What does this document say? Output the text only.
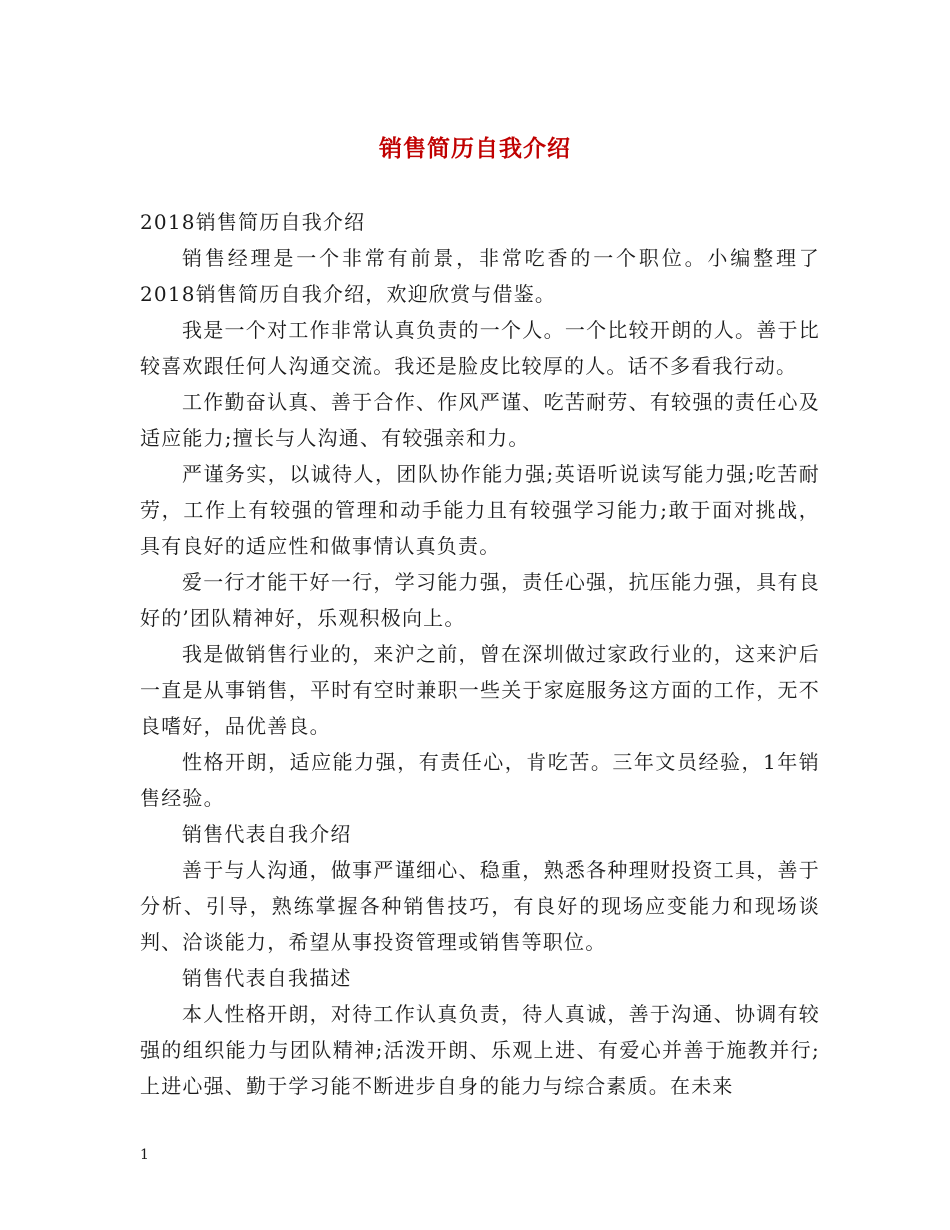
销售简历自我介绍

2018销售简历自我介绍

销售经理是一个非常有前景，非常吃香的一个职位。小编整理了2018销售简历自我介绍，欢迎欣赏与借鉴。

我是一个对工作非常认真负责的一个人。一个比较开朗的人。善于比较喜欢跟任何人沟通交流。我还是脸皮比较厚的人。话不多看我行动。

工作勤奋认真、善于合作、作风严谨、吃苦耐劳、有较强的责任心及适应能力;擅长与人沟通、有较强亲和力。

严谨务实，以诚待人，团队协作能力强;英语听说读写能力强;吃苦耐劳，工作上有较强的管理和动手能力且有较强学习能力;敢于面对挑战，具有良好的适应性和做事情认真负责。

爱一行才能干好一行，学习能力强，责任心强，抗压能力强，具有良好的’团队精神好，乐观积极向上。

我是做销售行业的，来沪之前，曾在深圳做过家政行业的，这来沪后一直是从事销售，平时有空时兼职一些关于家庭服务这方面的工作，无不良嗜好，品优善良。

性格开朗，适应能力强，有责任心，肯吃苦。三年文员经验，1年销售经验。

销售代表自我介绍

善于与人沟通，做事严谨细心、稳重，熟悉各种理财投资工具，善于分析、引导，熟练掌握各种销售技巧，有良好的现场应变能力和现场谈判、洽谈能力，希望从事投资管理或销售等职位。

销售代表自我描述

本人性格开朗，对待工作认真负责，待人真诚，善于沟通、协调有较强的组织能力与团队精神;活泼开朗、乐观上进、有爱心并善于施教并行;上进心强、勤于学习能不断进步自身的能力与综合素质。在未来

1
